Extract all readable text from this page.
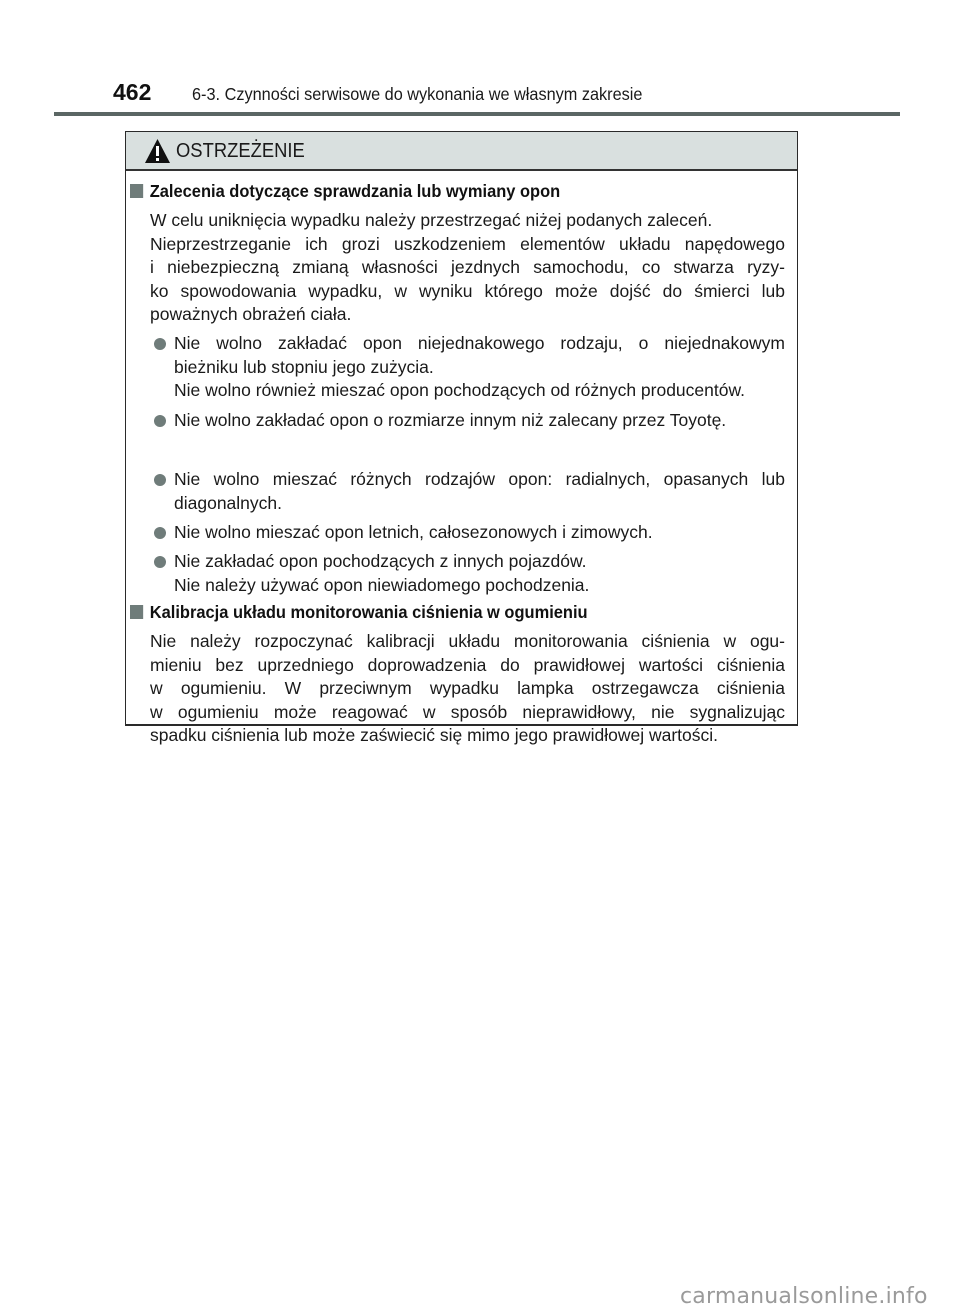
462 6-3. Czynności serwisowe do wykonania we własnym zakresie
OSTRZEŻENIE
Zalecenia dotyczące sprawdzania lub wymiany opon
W celu uniknięcia wypadku należy przestrzegać niżej podanych zaleceń.
Nieprzestrzeganie ich grozi uszkodzeniem elementów układu napędowego
i niebezpieczną zmianą własności jezdnych samochodu, co stwarza ryzy-
ko spowodowania wypadku, w wyniku którego może dojść do śmierci lub
poważnych obrażeń ciała.
Nie wolno zakładać opon niejednakowego rodzaju, o niejednakowym
bieżniku lub stopniu jego zużycia.
Nie wolno również mieszać opon pochodzących od różnych producentów.
Nie wolno zakładać opon o rozmiarze innym niż zalecany przez Toyotę.
Nie wolno mieszać różnych rodzajów opon: radialnych, opasanych lub
diagonalnych.
Nie wolno mieszać opon letnich, całosezonowych i zimowych.
Nie zakładać opon pochodzących z innych pojazdów.
Nie należy używać opon niewiadomego pochodzenia.
Kalibracja układu monitorowania ciśnienia w ogumieniu
Nie należy rozpoczynać kalibracji układu monitorowania ciśnienia w ogu-
mieniu bez uprzedniego doprowadzenia do prawidłowej wartości ciśnienia
w ogumieniu. W przeciwnym wypadku lampka ostrzegawcza ciśnienia
w ogumieniu może reagować w sposób nieprawidłowy, nie sygnalizując
spadku ciśnienia lub może zaświecić się mimo jego prawidłowej wartości.
carmanualsonline.info
